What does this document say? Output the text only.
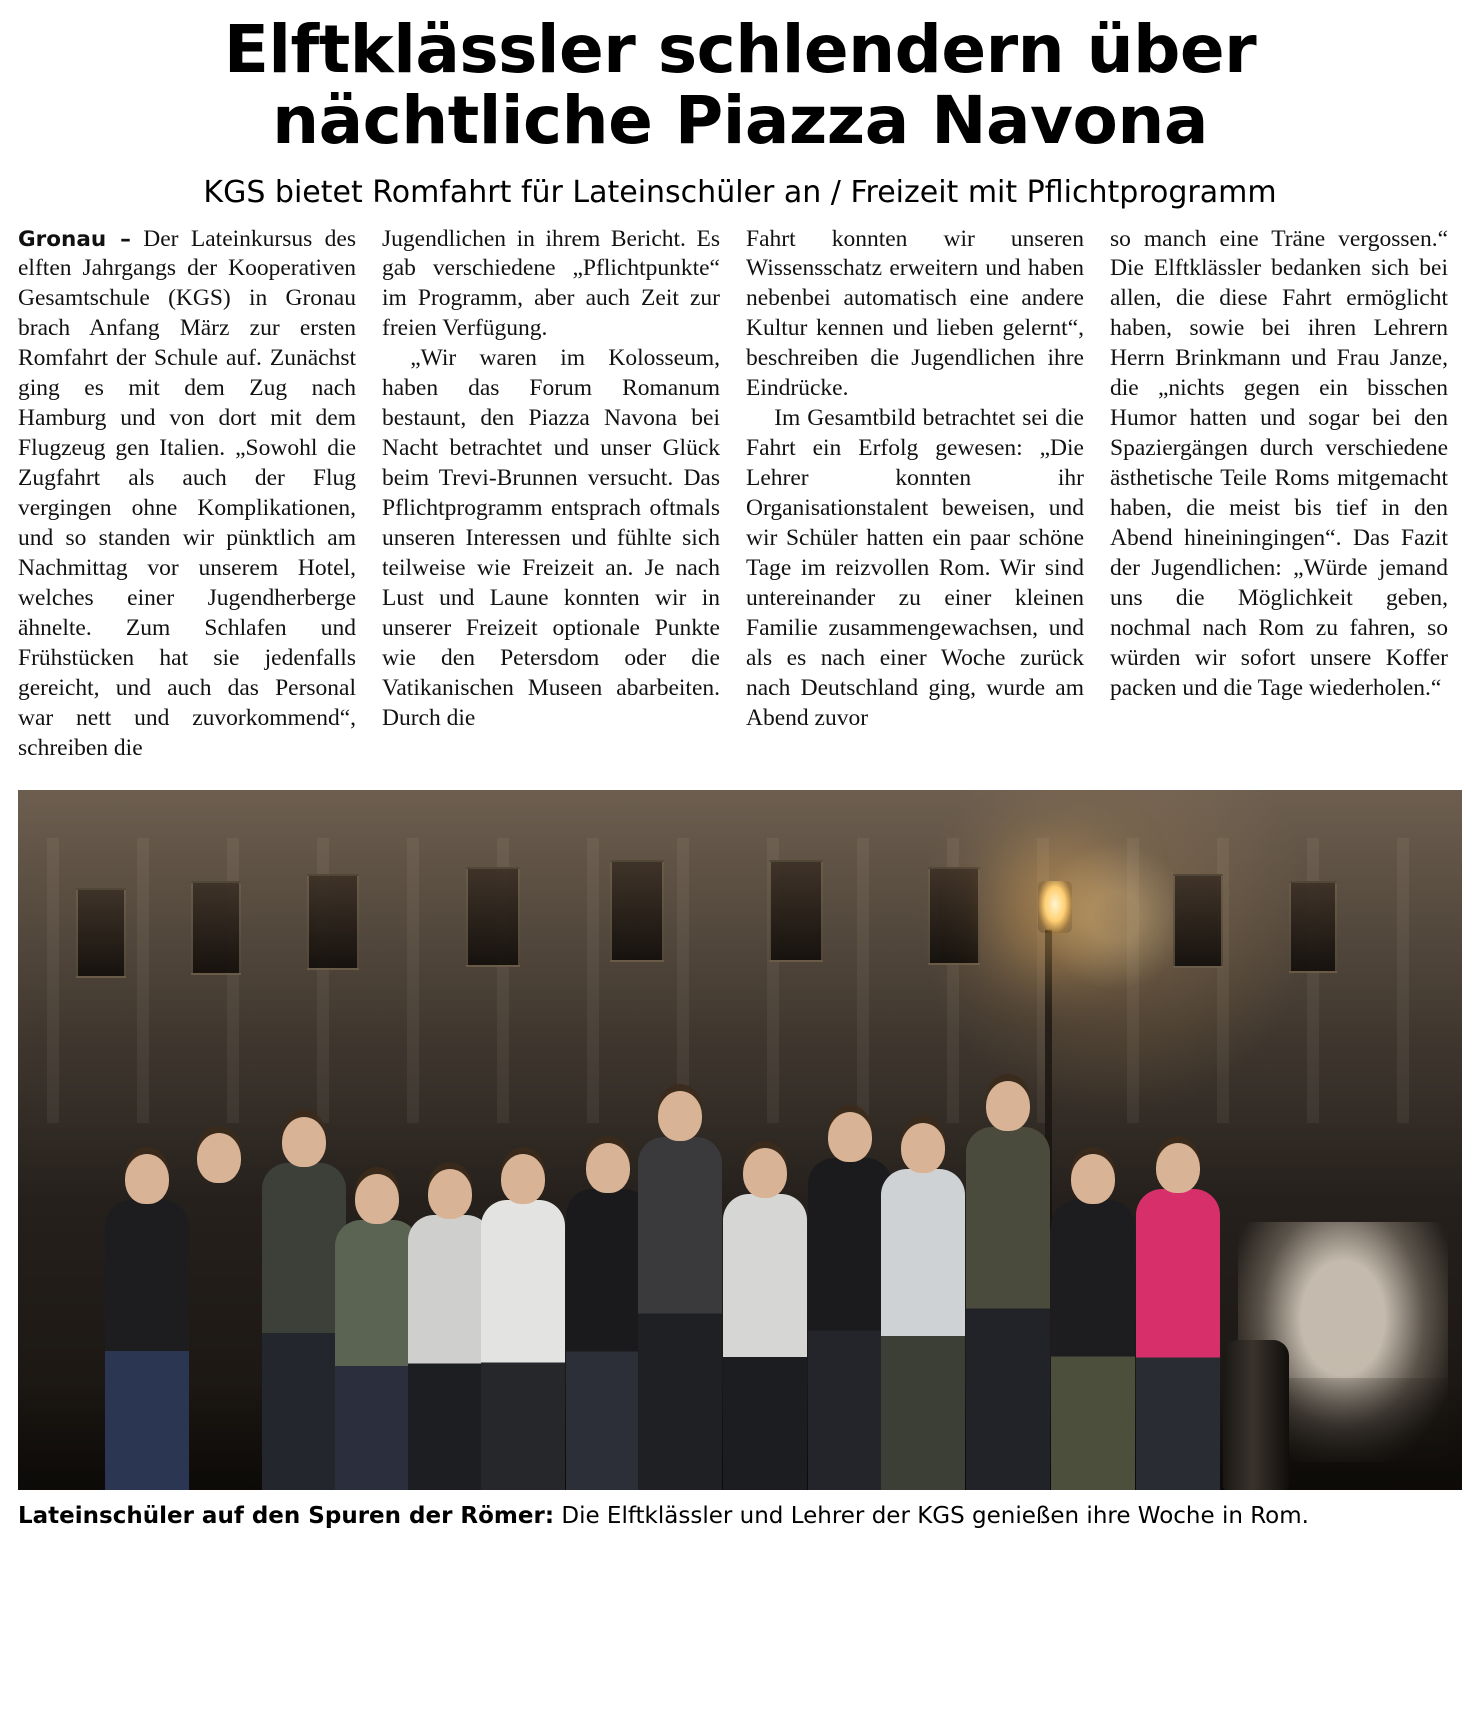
Elftklässler schlendern über nächtliche Piazza Navona
KGS bietet Romfahrt für Lateinschüler an / Freizeit mit Pflichtprogramm

Gronau – Der Lateinkursus des elften Jahrgangs der Kooperativen Gesamtschule (KGS) in Gronau brach Anfang März zur ersten Romfahrt der Schule auf. Zunächst ging es mit dem Zug nach Hamburg und von dort mit dem Flugzeug gen Italien. „Sowohl die Zugfahrt als auch der Flug vergingen ohne Komplikationen, und so standen wir pünktlich am Nachmittag vor unserem Hotel, welches einer Jugendherberge ähnelte. Zum Schlafen und Frühstücken hat sie jedenfalls gereicht, und auch das Personal war nett und zuvorkommend“, schreiben die

Jugendlichen in ihrem Bericht. Es gab verschiedene „Pflichtpunkte“ im Programm, aber auch Zeit zur freien Verfügung.

„Wir waren im Kolosseum, haben das Forum Romanum bestaunt, den Piazza Navona bei Nacht betrachtet und unser Glück beim Trevi-Brunnen versucht. Das Pflichtprogramm entsprach oftmals unseren Interessen und fühlte sich teilweise wie Freizeit an. Je nach Lust und Laune konnten wir in unserer Freizeit optionale Punkte wie den Petersdom oder die Vatikanischen Museen abarbeiten. Durch die

Fahrt konnten wir unseren Wissensschatz erweitern und haben nebenbei automatisch eine andere Kultur kennen und lieben gelernt“, beschreiben die Jugendlichen ihre Eindrücke.

Im Gesamtbild betrachtet sei die Fahrt ein Erfolg gewesen: „Die Lehrer konnten ihr Organisationstalent beweisen, und wir Schüler hatten ein paar schöne Tage im reizvollen Rom. Wir sind untereinander zu einer kleinen Familie zusammengewachsen, und als es nach einer Woche zurück nach Deutschland ging, wurde am Abend zuvor

so manch eine Träne vergossen.“ Die Elftklässler bedanken sich bei allen, die diese Fahrt ermöglicht haben, sowie bei ihren Lehrern Herrn Brinkmann und Frau Janze, die „nichts gegen ein bisschen Humor hatten und sogar bei den Spaziergängen durch verschiedene ästhetische Teile Roms mitgemacht haben, die meist bis tief in den Abend hineiningingen“. Das Fazit der Jugendlichen: „Würde jemand uns die Möglichkeit geben, nochmal nach Rom zu fahren, so würden wir sofort unsere Koffer packen und die Tage wiederholen.“

Lateinschüler auf den Spuren der Römer: Die Elftklässler und Lehrer der KGS genießen ihre Woche in Rom.
